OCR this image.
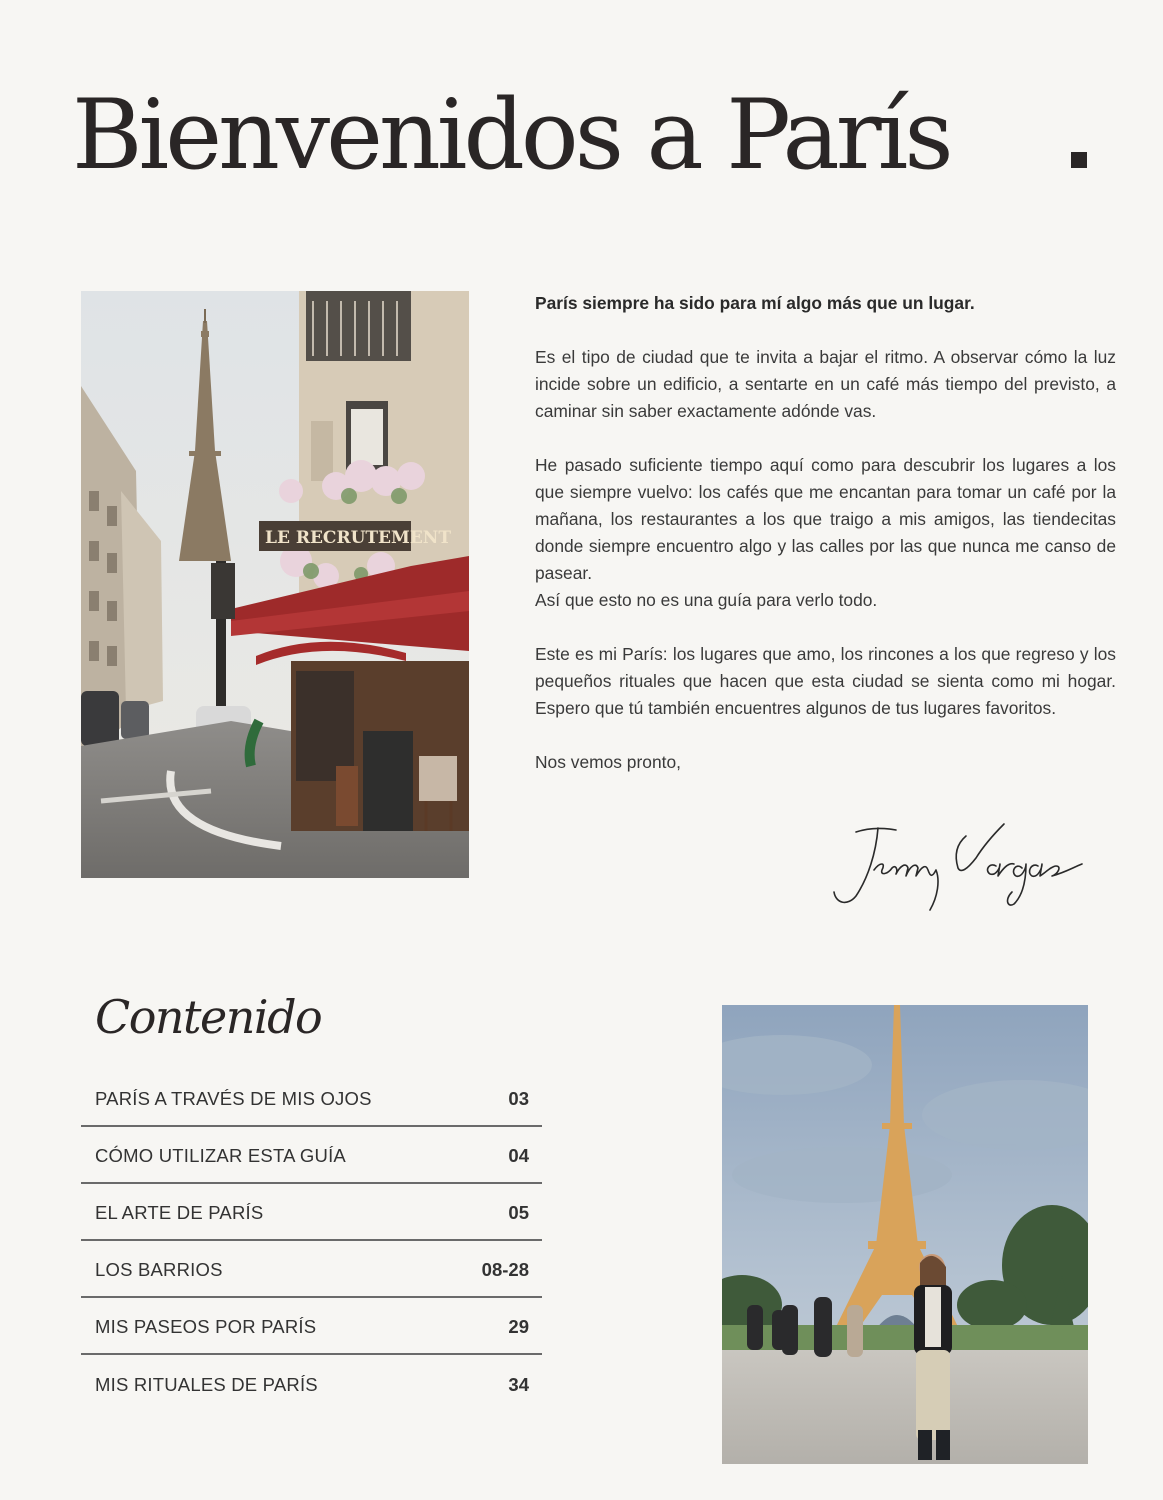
Bienvenidos a París
LE RECRUTEMENT

París siempre ha sido para mí algo más que un lugar.

Es el tipo de ciudad que te invita a bajar el ritmo. A observar cómo la luz incide sobre un edificio, a sentarte en un café más tiempo del previsto, a caminar sin saber exactamente adónde vas.

He pasado suficiente tiempo aquí como para descubrir los lugares a los que siempre vuelvo: los cafés que me encantan para tomar un café por la mañana, los restaurantes a los que traigo a mis amigos, las tiendecitas donde siempre encuentro algo y las calles por las que nunca me canso de pasear.

Así que esto no es una guía para verlo todo.

Este es mi París: los lugares que amo, los rincones a los que regreso y los pequeños rituales que hacen que esta ciudad se sienta como mi hogar. Espero que tú también encuentres algunos de tus lugares favoritos.

Nos vemos pronto,

Contenido
PARÍS A TRAVÉS DE MIS OJOS	03
CÓMO UTILIZAR ESTA GUÍA	04
EL ARTE DE PARÍS	05
LOS BARRIOS	08-28
MIS PASEOS POR PARÍS	29
MIS RITUALES DE PARÍS	34
